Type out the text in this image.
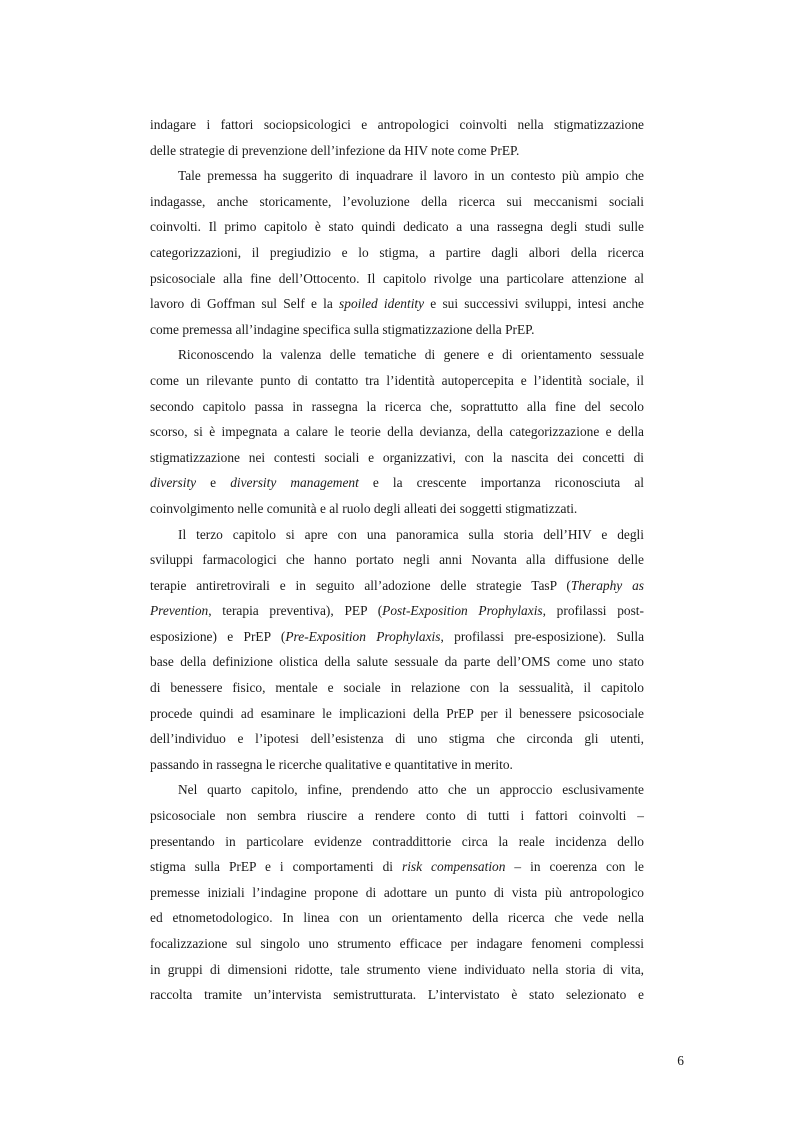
indagare i fattori sociopsicologici e antropologici coinvolti nella stigmatizzazione
delle strategie di prevenzione dell’infezione da HIV note come PrEP.
Tale premessa ha suggerito di inquadrare il lavoro in un contesto più ampio che
indagasse, anche storicamente, l’evoluzione della ricerca sui meccanismi sociali
coinvolti. Il primo capitolo è stato quindi dedicato a una rassegna degli studi sulle
categorizzazioni, il pregiudizio e lo stigma, a partire dagli albori della ricerca
psicosociale alla fine dell’Ottocento. Il capitolo rivolge una particolare attenzione al
lavoro di Goffman sul Self e la spoiled identity e sui successivi sviluppi, intesi anche
come premessa all’indagine specifica sulla stigmatizzazione della PrEP.
Riconoscendo la valenza delle tematiche di genere e di orientamento sessuale
come un rilevante punto di contatto tra l’identità autopercepita e l’identità sociale, il
secondo capitolo passa in rassegna la ricerca che, soprattutto alla fine del secolo
scorso, si è impegnata a calare le teorie della devianza, della categorizzazione e della
stigmatizzazione nei contesti sociali e organizzativi, con la nascita dei concetti di
diversity e diversity management e la crescente importanza riconosciuta al
coinvolgimento nelle comunità e al ruolo degli alleati dei soggetti stigmatizzati.
Il terzo capitolo si apre con una panoramica sulla storia dell’HIV e degli
sviluppi farmacologici che hanno portato negli anni Novanta alla diffusione delle
terapie antiretrovirali e in seguito all’adozione delle strategie TasP (Theraphy as
Prevention, terapia preventiva), PEP (Post-Exposition Prophylaxis, profilassi post-
esposizione) e PrEP (Pre-Exposition Prophylaxis, profilassi pre-esposizione). Sulla
base della definizione olistica della salute sessuale da parte dell’OMS come uno stato
di benessere fisico, mentale e sociale in relazione con la sessualità, il capitolo
procede quindi ad esaminare le implicazioni della PrEP per il benessere psicosociale
dell’individuo e l’ipotesi dell’esistenza di uno stigma che circonda gli utenti,
passando in rassegna le ricerche qualitative e quantitative in merito.
Nel quarto capitolo, infine, prendendo atto che un approccio esclusivamente
psicosociale non sembra riuscire a rendere conto di tutti i fattori coinvolti –
presentando in particolare evidenze contraddittorie circa la reale incidenza dello
stigma sulla PrEP e i comportamenti di risk compensation – in coerenza con le
premesse iniziali l’indagine propone di adottare un punto di vista più antropologico
ed etnometodologico. In linea con un orientamento della ricerca che vede nella
focalizzazione sul singolo uno strumento efficace per indagare fenomeni complessi
in gruppi di dimensioni ridotte, tale strumento viene individuato nella storia di vita,
raccolta tramite un’intervista semistrutturata. L’intervistato è stato selezionato e
6
